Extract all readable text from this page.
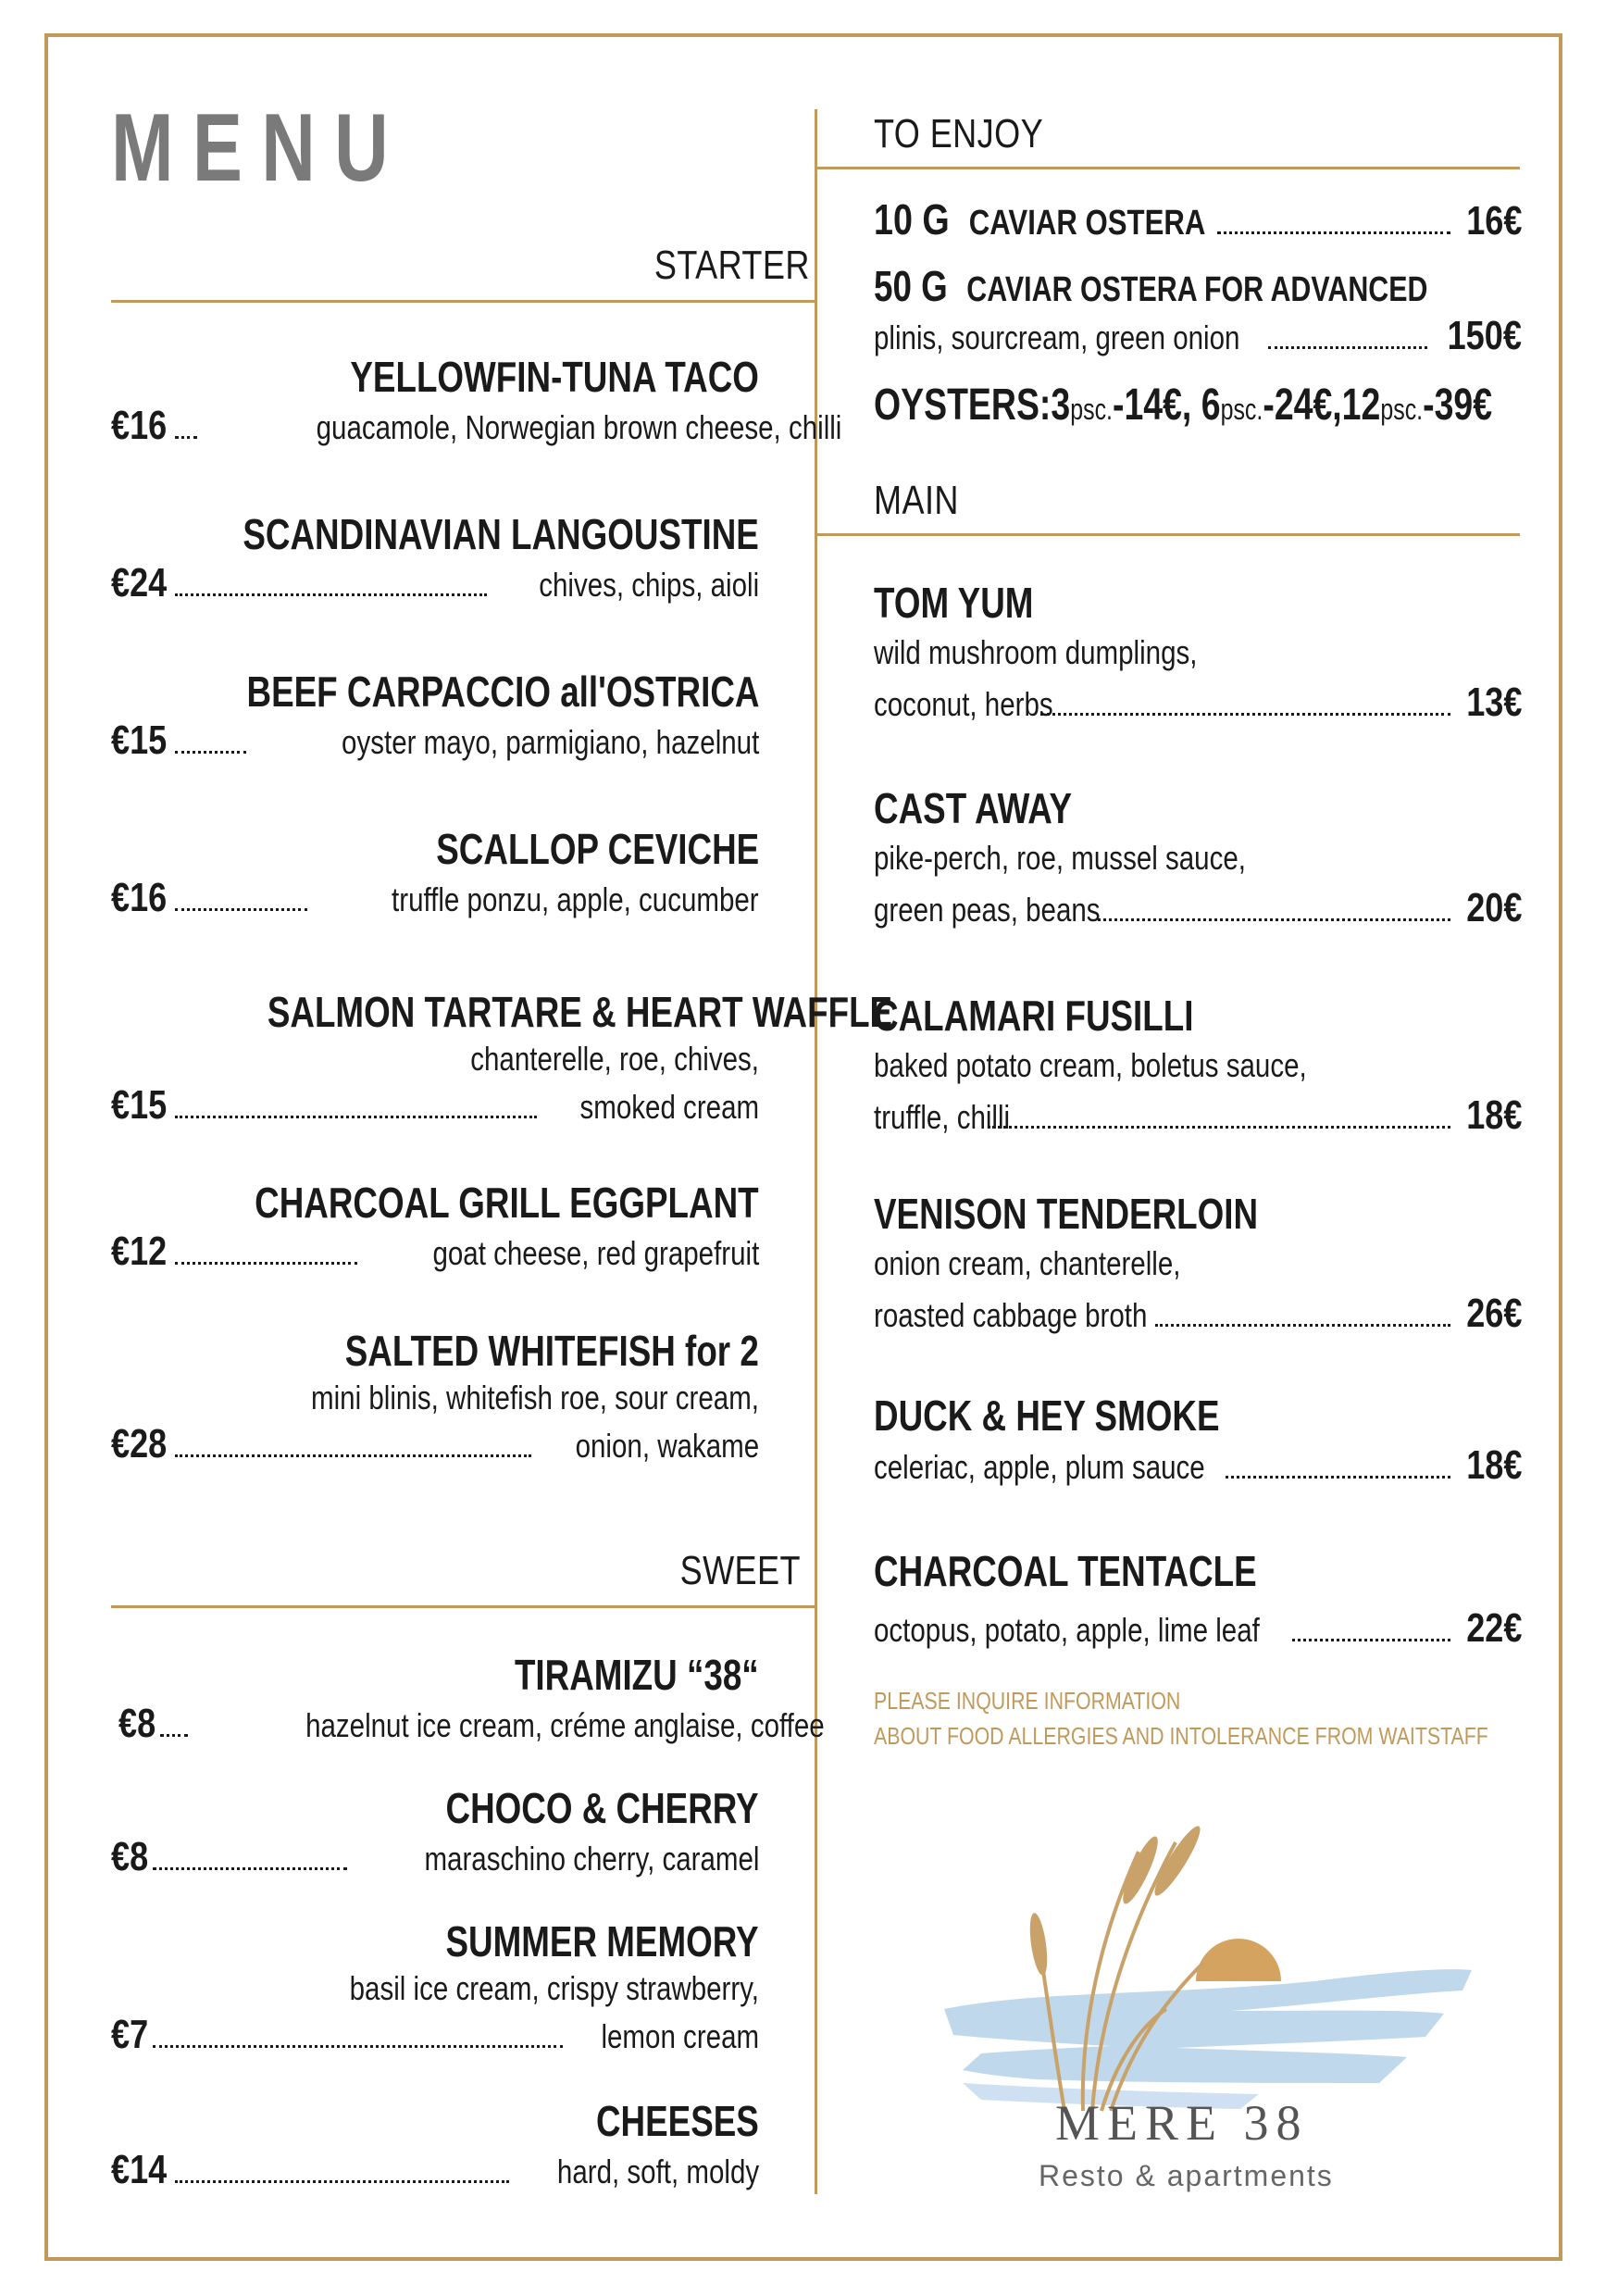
MENU
STARTER
YELLOWFIN-TUNA TACO
€16	guacamole, Norwegian brown cheese, chilli
SCANDINAVIAN LANGOUSTINE
€24	chives, chips, aioli
BEEF CARPACCIO all'OSTRICA
€15	oyster mayo, parmigiano, hazelnut
SCALLOP CEVICHE
€16	truffle ponzu, apple, cucumber
SALMON TARTARE & HEART WAFFLE
chanterelle, roe, chives,
€15	smoked cream
CHARCOAL GRILL EGGPLANT
€12	goat cheese, red grapefruit
SALTED WHITEFISH for 2
mini blinis, whitefish roe, sour cream,
€28	onion, wakame
SWEET
TIRAMIZU “38“
€8	hazelnut ice cream, créme anglaise, coffee
CHOCO & CHERRY
€8	maraschino cherry, caramel
SUMMER MEMORY
basil ice cream, crispy strawberry,
€7	lemon cream
CHEESES
€14	hard, soft, moldy
TO ENJOY
10 G CAVIAR OSTERA	16€
50 G CAVIAR OSTERA FOR ADVANCED
plinis, sourcream, green onion	150€
OYSTERS:3psc.-14€, 6psc.-24€,12psc.-39€
MAIN
TOM YUM
wild mushroom dumplings,
coconut, herbs	13€
CAST AWAY
pike-perch, roe, mussel sauce,
green peas, beans	20€
CALAMARI FUSILLI
baked potato cream, boletus sauce,
truffle, chilli	18€
VENISON TENDERLOIN
onion cream, chanterelle,
roasted cabbage broth	26€
DUCK & HEY SMOKE
celeriac, apple, plum sauce	18€
CHARCOAL TENTACLE
octopus, potato, apple, lime leaf	22€
PLEASE INQUIRE INFORMATION
ABOUT FOOD ALLERGIES AND INTOLERANCE FROM WAITSTAFF
MERE 38
Resto & apartments
